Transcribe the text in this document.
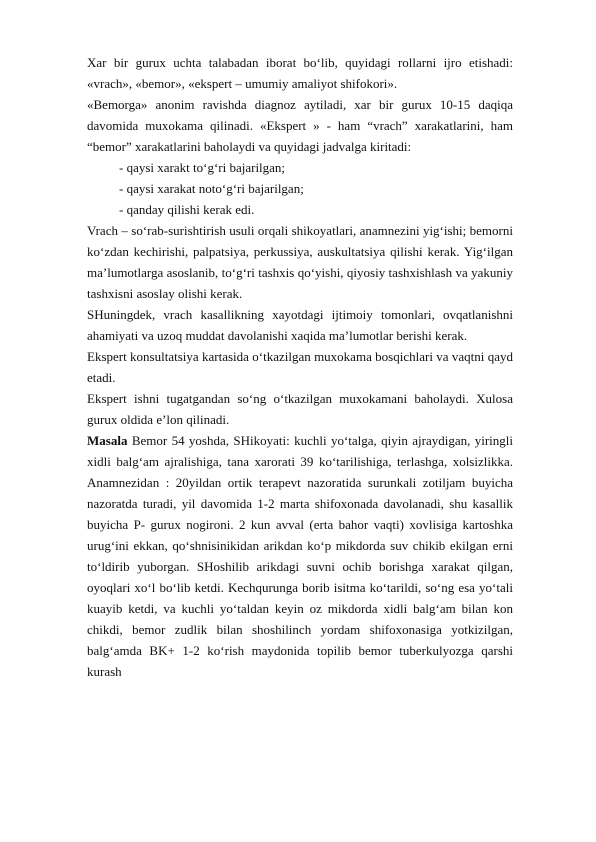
Xar bir gurux uchta talabadan iborat bo‘lib, quyidagi rollarni ijro etishadi: «vrach», «bemor», «ekspert – umumiy amaliyot shifokori».

«Bemorga» anonim ravishda diagnoz aytiladi, xar bir gurux 10-15 daqiqa davomida muxokama qilinadi. «Ekspert » - ham “vrach” xarakatlarini, ham “bemor” xarakatlarini baholaydi va quyidagi jadvalga kiritadi:

- qaysi xarakt to‘g‘ri bajarilgan;

- qaysi xarakat noto‘g‘ri bajarilgan;

- qanday qilishi kerak edi.

Vrach – so‘rab-surishtirish usuli orqali shikoyatlari, anamnezini yig‘ishi; bemorni ko‘zdan kechirishi, palpatsiya, perkussiya, auskultatsiya qilishi kerak. Yig‘ilgan ma’lumotlarga asoslanib, to‘g‘ri tashxis qo‘yishi, qiyosiy tashxishlash va yakuniy tashxisni asoslay olishi kerak.

SHuningdek, vrach kasallikning xayotdagi ijtimoiy tomonlari, ovqatlanishni ahamiyati va uzoq muddat davolanishi xaqida ma’lumotlar berishi kerak.

Ekspert konsultatsiya kartasida o‘tkazilgan muxokama bosqichlari va vaqtni qayd etadi.

Ekspert ishni tugatgandan so‘ng o‘tkazilgan muxokamani baholaydi. Xulosa gurux oldida e’lon qilinadi.

Masala Bemor 54 yoshda, SHikoyati: kuchli yo‘talga, qiyin ajraydigan, yiringli xidli balg‘am ajralishiga, tana xarorati 39 ko‘tarilishiga, terlashga, xolsizlikka. Anamnezidan : 20yildan ortik terapevt nazoratida surunkali zotiljam buyicha nazoratda turadi, yil davomida 1-2 marta shifoxonada davolanadi, shu kasallik buyicha P- gurux nogironi. 2 kun avval (erta bahor vaqti) xovlisiga kartoshka urug‘ini ekkan, qo‘shnisinikidan arikdan ko‘p mikdorda suv chikib ekilgan erni to‘ldirib yuborgan. SHoshilib arikdagi suvni ochib borishga xarakat qilgan, oyoqlari xo‘l bo‘lib ketdi. Kechqurunga borib isitma ko‘tarildi, so‘ng esa yo‘tali kuayib ketdi, va kuchli yo‘taldan keyin oz mikdorda xidli balg‘am bilan kon chikdi, bemor zudlik bilan shoshilinch yordam shifoxonasiga yotkizilgan, balg‘amda BK+ 1-2 ko‘rish maydonida topilib bemor tuberkulyozga qarshi kurash
